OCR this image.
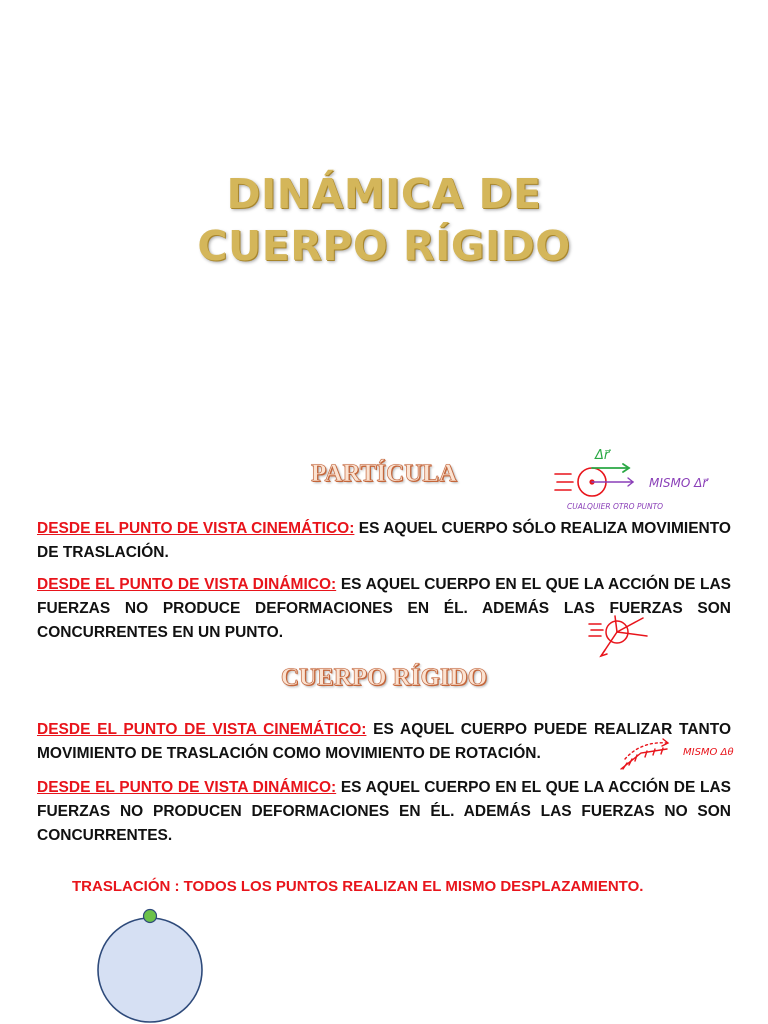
DINÁMICA DE
CUERPO RÍGIDO
PARTÍCULA
Δr⃗
MISMO Δr⃗
CUALQUIER OTRO PUNTO
DESDE EL PUNTO DE VISTA CINEMÁTICO: ES AQUEL CUERPO SÓLO REALIZA MOVIMIENTO DE TRASLACIÓN.
DESDE EL PUNTO DE VISTA DINÁMICO: ES AQUEL CUERPO EN EL QUE LA ACCIÓN DE LAS FUERZAS NO PRODUCE DEFORMACIONES EN ÉL. ADEMÁS LAS FUERZAS SON CONCURRENTES EN UN PUNTO.
CUERPO RÍGIDO
DESDE EL PUNTO DE VISTA CINEMÁTICO: ES AQUEL CUERPO PUEDE REALIZAR TANTO MOVIMIENTO DE TRASLACIÓN COMO MOVIMIENTO DE ROTACIÓN.	MISMO Δθ
DESDE EL PUNTO DE VISTA DINÁMICO: ES AQUEL CUERPO EN EL QUE LA ACCIÓN DE LAS FUERZAS NO PRODUCEN DEFORMACIONES EN ÉL. ADEMÁS LAS FUERZAS NO SON CONCURRENTES.
TRASLACIÓN : TODOS LOS PUNTOS REALIZAN EL MISMO DESPLAZAMIENTO.
